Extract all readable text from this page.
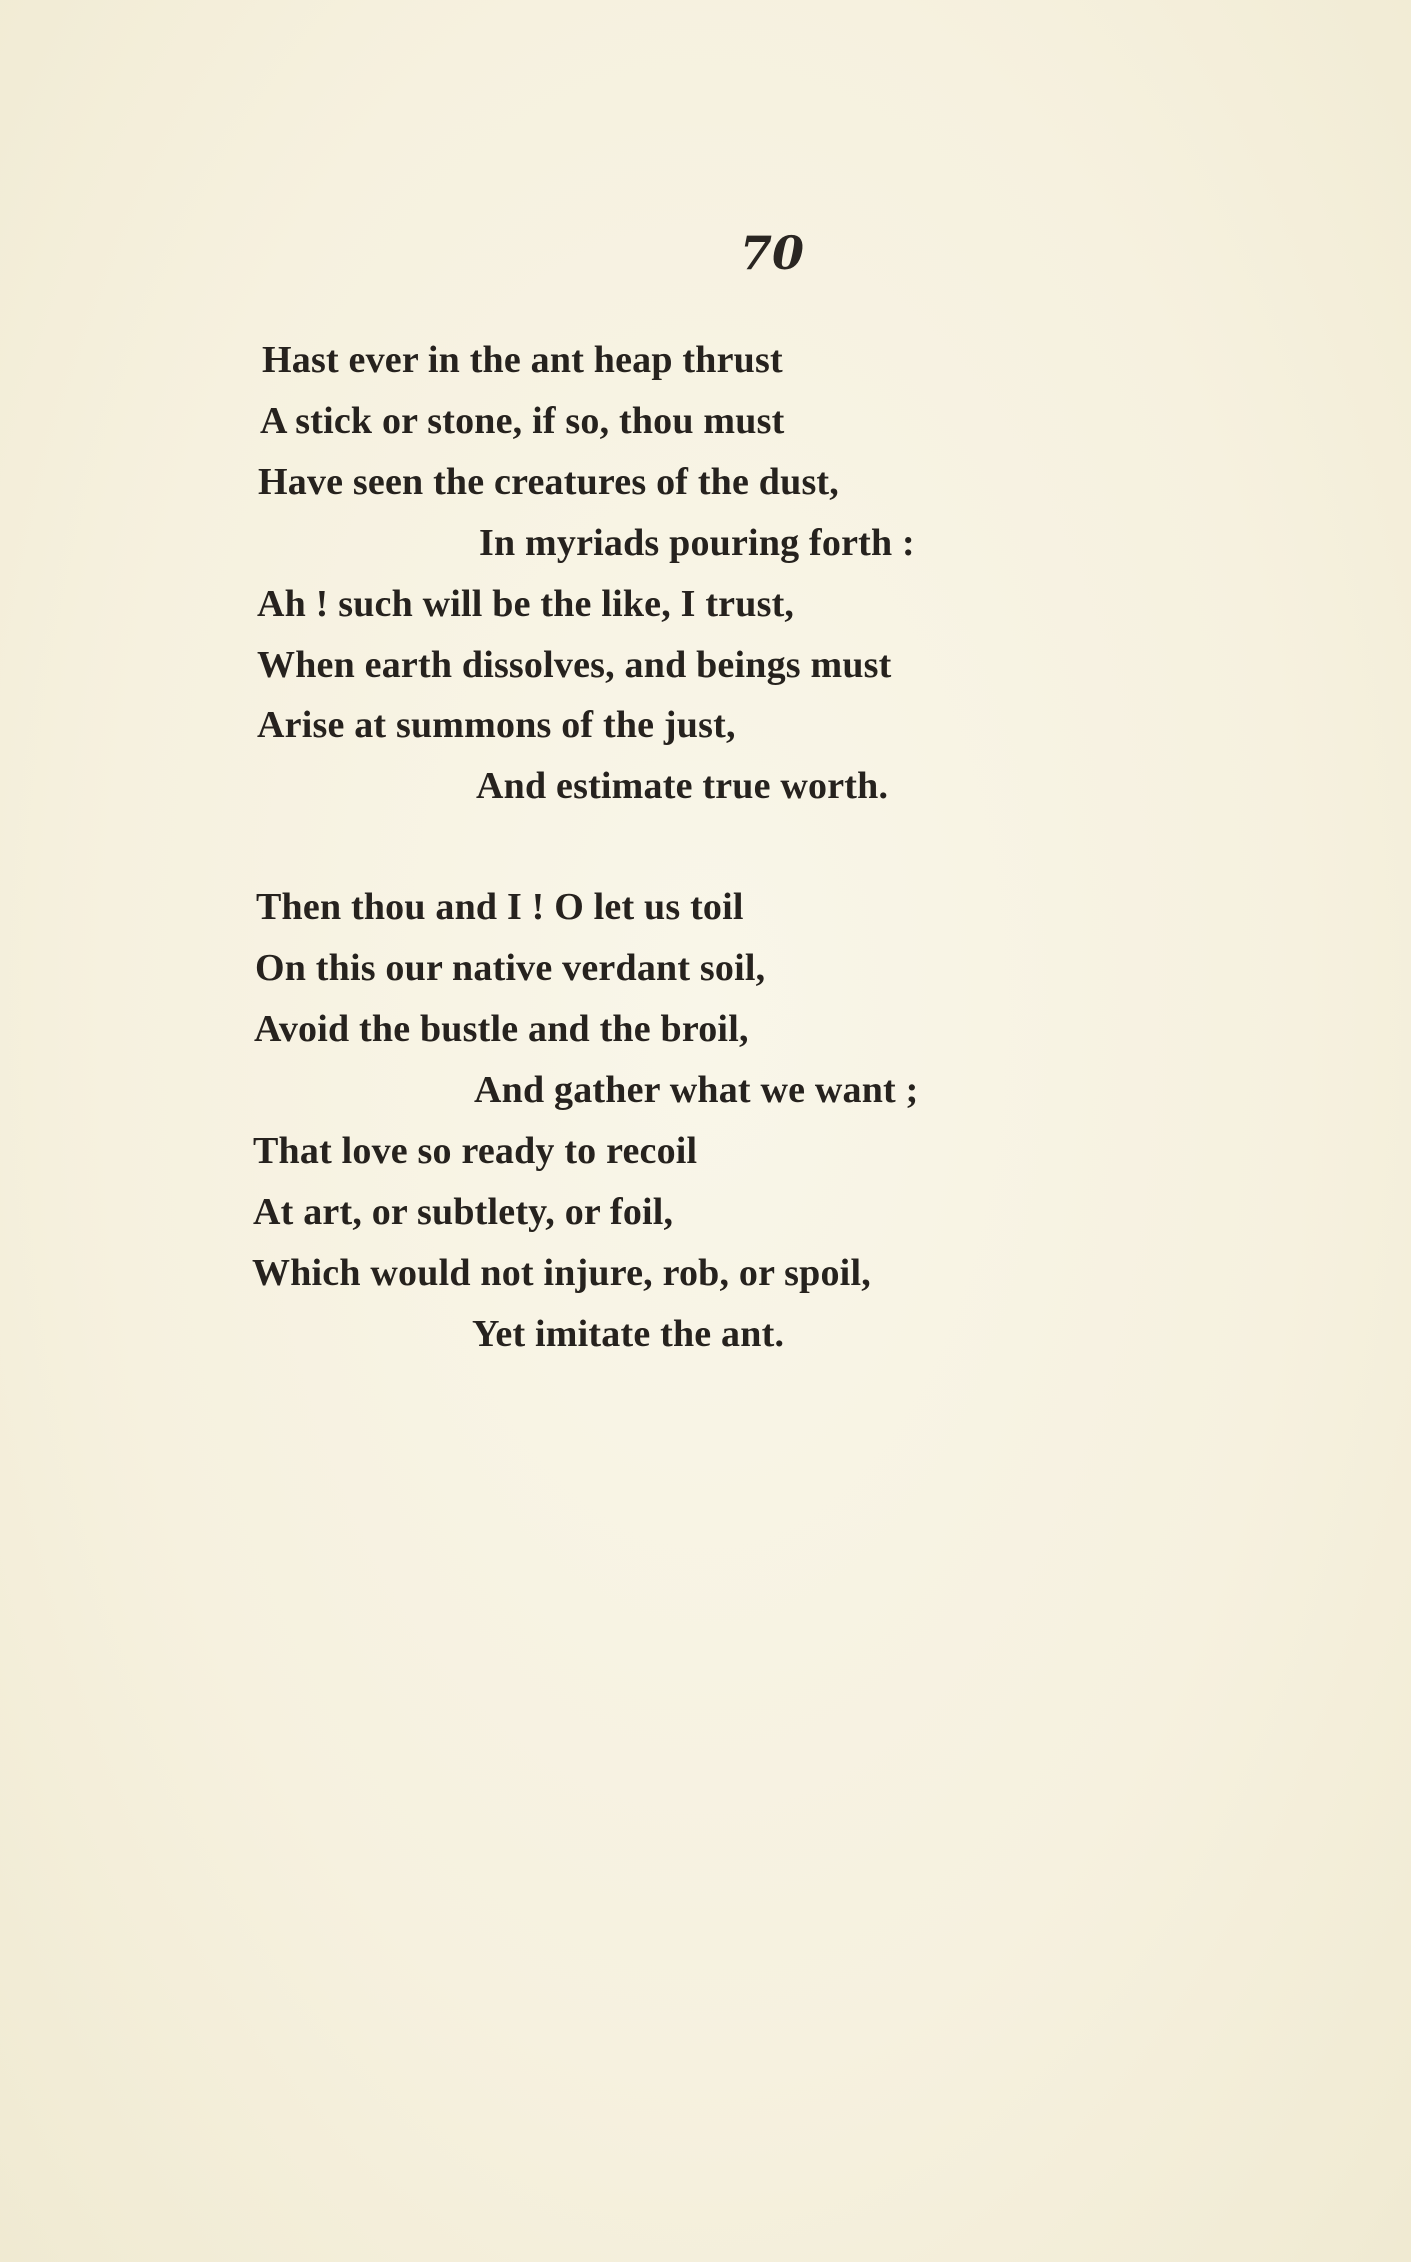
70
Hast ever in the ant heap thrust
A stick or stone, if so, thou must
Have seen the creatures of the dust,
In myriads pouring forth :
Ah ! such will be the like, I trust,
When earth dissolves, and beings must
Arise at summons of the just,
And estimate true worth.
Then thou and I ! O let us toil
On this our native verdant soil,
Avoid the bustle and the broil,
And gather what we want ;
That love so ready to recoil
At art, or subtlety, or foil,
Which would not injure, rob, or spoil,
Yet imitate the ant.
